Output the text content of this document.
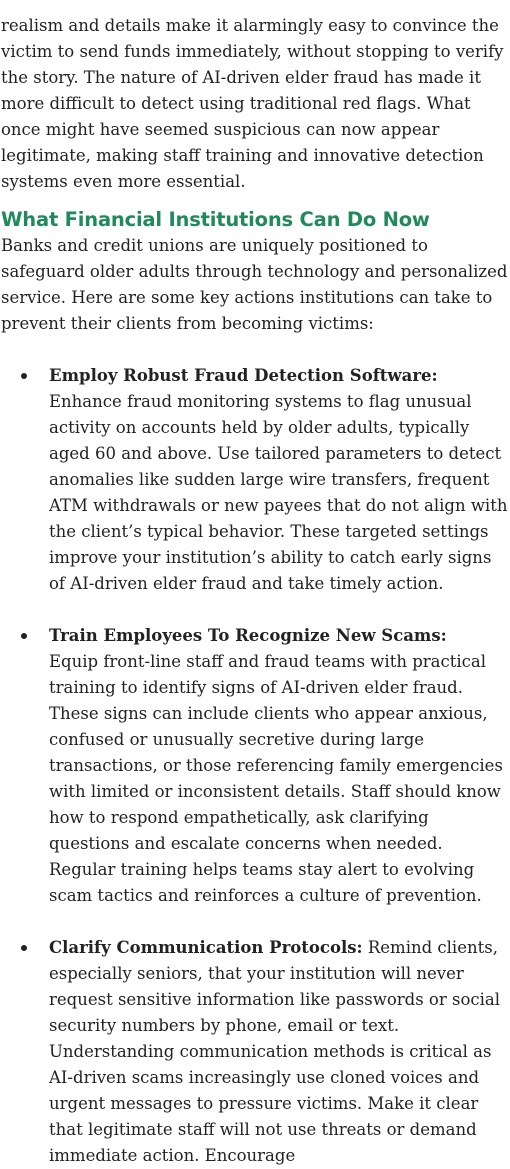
realism and details make it alarmingly easy to convince the victim to send funds immediately, without stopping to verify the story. The nature of AI-driven elder fraud has made it more difficult to detect using traditional red flags. What once might have seemed suspicious can now appear legitimate, making staff training and innovative detection systems even more essential.

What Financial Institutions Can Do Now

Banks and credit unions are uniquely positioned to safeguard older adults through technology and personalized service. Here are some key actions institutions can take to prevent their clients from becoming victims:

Employ Robust Fraud Detection Software:
Enhance fraud monitoring systems to flag unusual activity on accounts held by older adults, typically aged 60 and above. Use tailored parameters to detect anomalies like sudden large wire transfers, frequent ATM withdrawals or new payees that do not align with the client’s typical behavior. These targeted settings improve your institution’s ability to catch early signs of AI-driven elder fraud and take timely action.
Train Employees To Recognize New Scams:
Equip front-line staff and fraud teams with practical training to identify signs of AI-driven elder fraud. These signs can include clients who appear anxious, confused or unusually secretive during large transactions, or those referencing family emergencies with limited or inconsistent details. Staff should know how to respond empathetically, ask clarifying questions and escalate concerns when needed. Regular training helps teams stay alert to evolving scam tactics and reinforces a culture of prevention.
Clarify Communication Protocols: Remind clients, especially seniors, that your institution will never request sensitive information like passwords or social security numbers by phone, email or text. Understanding communication methods is critical as AI-driven scams increasingly use cloned voices and urgent messages to pressure victims. Make it clear that legitimate staff will not use threats or demand immediate action. Encourage
